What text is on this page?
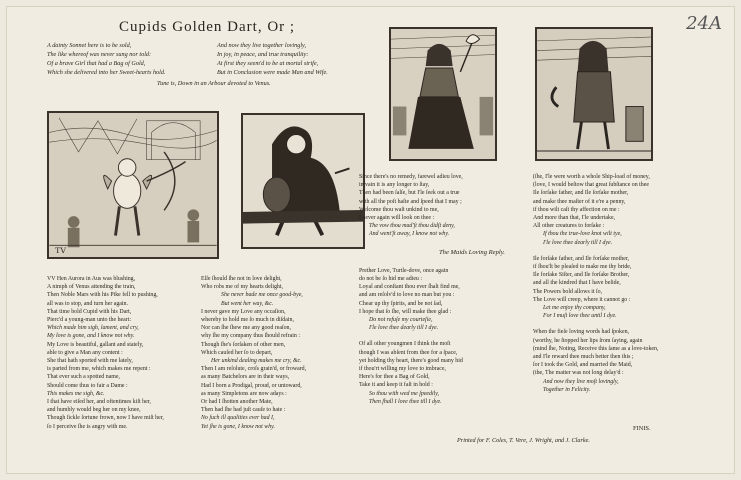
24A
Cupids Golden Dart, Or ;
A dainty Sonnet here is to be sold,
The like whereof was never sung nor told:
Of a brave Girl that had a Bag of Gold,
Which she delivered into her Sweet-hearts hold.
And now they live together lovingly,
In joy, in peace, and true tranquility:
At first they seem'd to be at mortal strife,
But in Conclusion were made Man and Wife.
Tune is, Down in an Arbour devoted to Venus.
TV
VV Hen Aurora in Aus was blushing,
A nimph of Venus attending the train,
Then Noble Mars with his Pike fell to pushing,
all was to stop, and turn her again.
That time bold Cupid with his Dart,
Pierc'd a young-man unto the heart:
Which made him sigh, lament, and cry,
My love is gone, and I know not why.
My Love is beautiful, gallant and stately,
able to give a Man any content :
She that hath sported with me lately,
is parted from me, which makes me repent :
That ever such a spotted name,
Should come thus to fair a Dame :
This makes me sigh, &c.
I that have eiſed her, and oftentimes kiſt her,
and humbly would beg her on my knee,
Though ſickle ſortune frown, now I have miſt her,
ſo I perceive ſhe is angry with me.
Elſe ſhould ſhe not in love delight,
Who robs me of my hearts delight,
She never bade me once good-bye,
But went her way, &c.
I never gave my Love any occaſion,
whereby to hold me ſo much in diſdain,
Nor can ſhe ſhew me any good reaſon,
why ſhe my company thus ſhould refrain :
Though ſhe's ſorſaken of other men,
Which cauſed her ſo to depart,
Her unkind dealing makes me cry, &c.
Then I am reſolute, croſs grain'd, or froward,
as many Batchelors are in their ways,
Had I born a Prodigal, proud, or untoward,
as many Simpletons are now adays :
Or had I ſhotten another Mate,
Then had ſhe had juſt cauſe to hate :
No ſuch ill qualities ever had I,
Yet ſhe is gone, I know not why.
Since there's no remedy, farewel adieu love,
in vain it is any longer to ſtay,
Then had been ſalſe, but I'le ſeek out a true
with all the poſt haſte and ſpeed that I may ;
Welcome thou waſt unkind to me,
I never again will look on thee :
The vow thou mad'ſt thou didſt deny,
And went'ſt away, I know not why.
The Maids Loving Reply.
Prether Love, Turtle-dove, once again
do not be ſo hid me adieu :
Loyal and conſtant thou ever ſhalt find me,
and am reſolv'd to love no man but you :
Chear up thy ſpirits, and be not ſad,
I hope that ſo ſhe, will make thee glad :
Do not refuſe my courteſie,
I'le love thee dearly till I dye.
Of all other youngmen I think the moſt
though I was abſent from thee for a ſpace,
yet holding thy heart, there's good many hid
if thou'rt willing my love to imbrace,
Here's for thee a Bag of Gold,
Take it and keep it faſt in hold :
So thou with wed me ſpeedily,
Then ſhall I love thee till I dye.
(ſhe, I'le were worth a whole Ship-load of money,
(love, I would beſtow that great ſubſtance on thee
Ile ſorſake father, and Ile ſorſake mother,
and make thee maſter of it e're a penny,
if thou wilt caſt thy affection on me :
And more than that, I'le undertake,
All other creatures to forſake :
If thou the true-love knot wilt tye,
I'le love thee dearly till I dye.
Ile forſake father, and Ile forſake mother,
if ſhou'lt be pleaſed to make me thy bride,
Ile forſake Siſter, and Ile forſake Brother,
and all the kindred that I have beſide,
The Powers bold allows it ſo,
The Love will creep, where it cannot go :
Let me enjoy thy company,
For I muſt love thee until I dye.
When the fieſe loving words had ſpoken,
(worthy, he ſtopped her lips ſrom ſaying, again
(mind ſhe, Noting, Receive this ſame as a love-token,
and I'le reward thee much better then this ;
ſor I took the Gold, and married the Maid,
(the, The matter was not long delay'd :
And now they live moſt lovingly,
Together in Felicity.
FINIS.
Printed for F. Coles, T. Vere, J. Wright, and J. Clarke.
